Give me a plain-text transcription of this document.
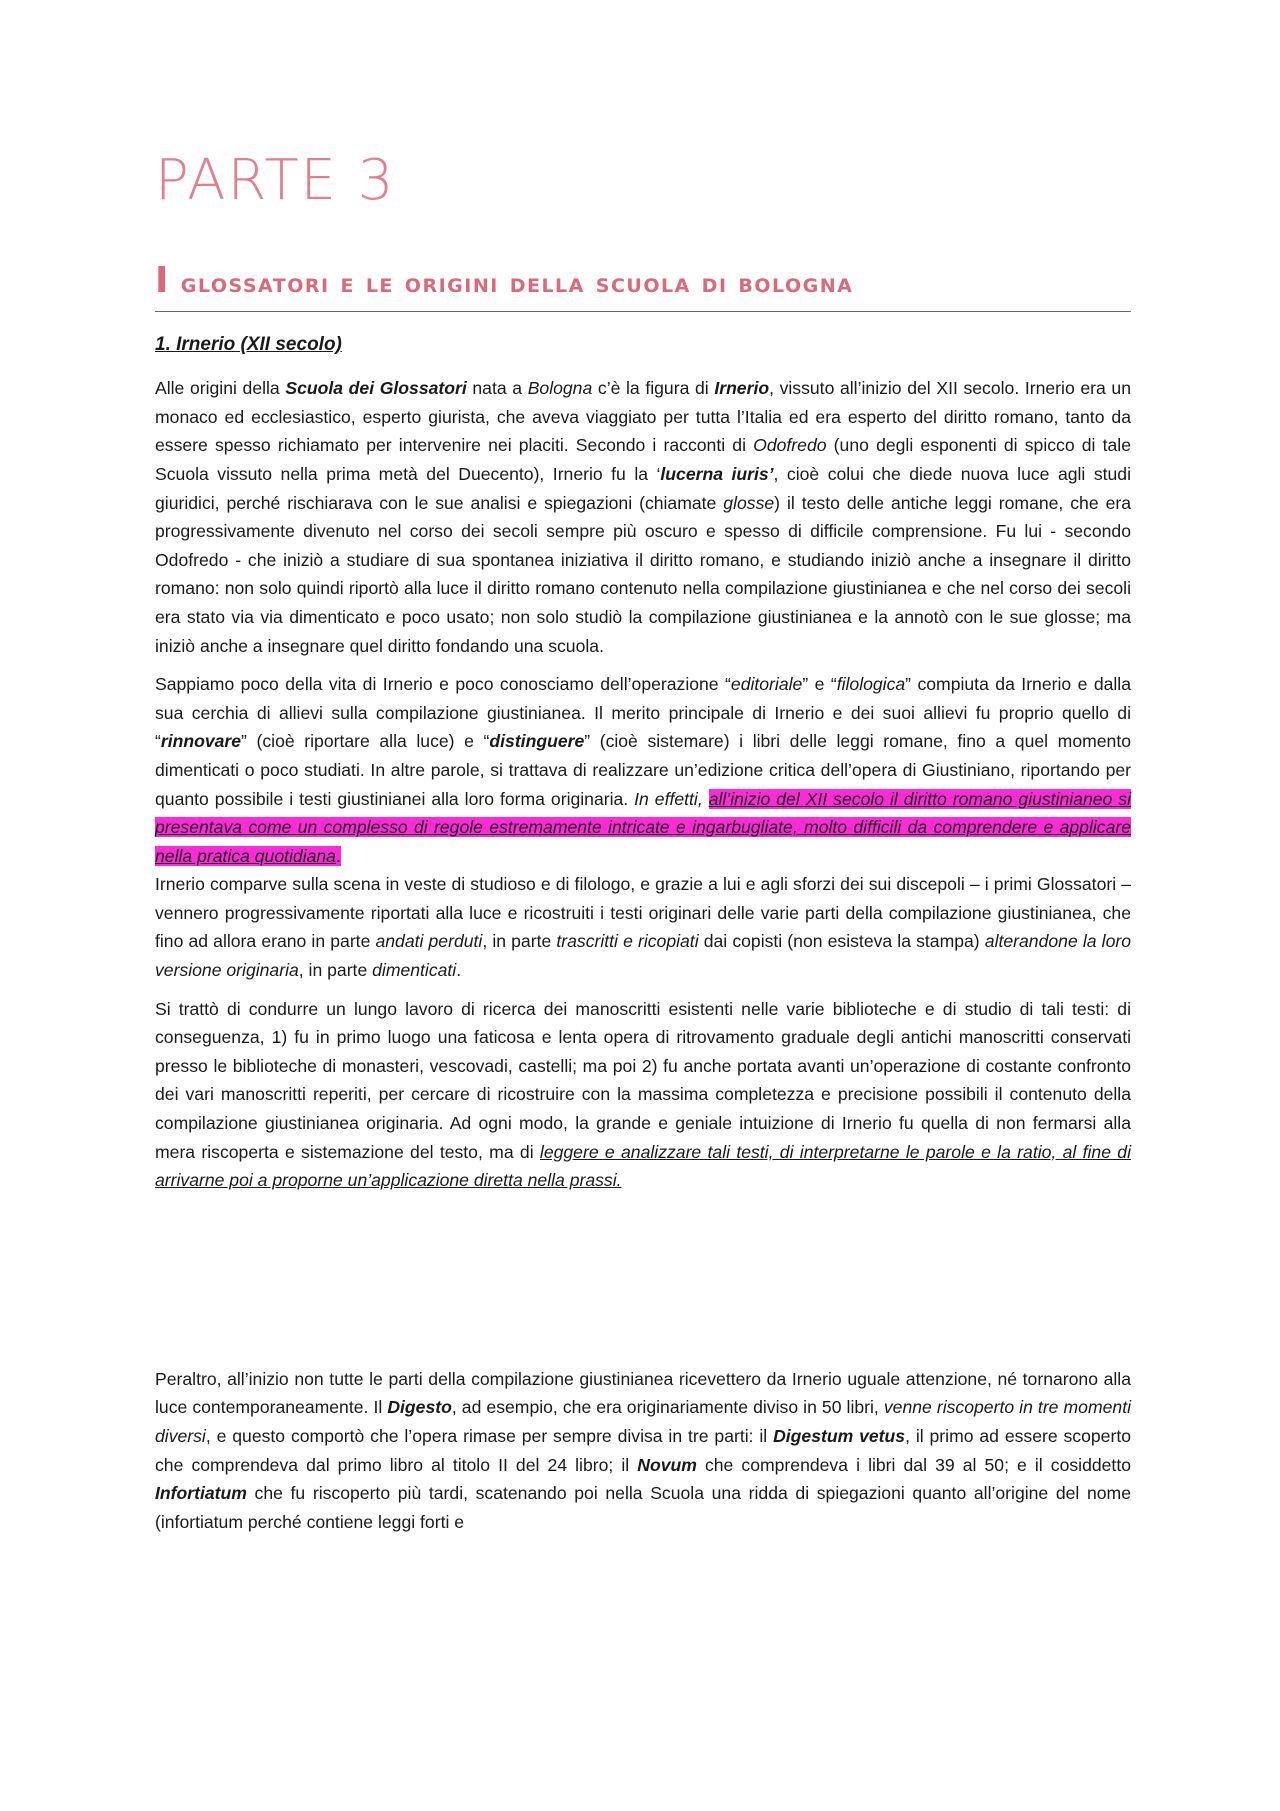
PARTE 3
I glossatori e le origini della scuola di bologna
1. Irnerio (XII secolo)

Alle origini della Scuola dei Glossatori nata a Bologna c’è la figura di Irnerio, vissuto all’inizio del XII secolo. Irnerio era un monaco ed ecclesiastico, esperto giurista, che aveva viaggiato per tutta l’Italia ed era esperto del diritto romano, tanto da essere spesso richiamato per intervenire nei placiti. Secondo i racconti di Odofredo (uno degli esponenti di spicco di tale Scuola vissuto nella prima metà del Duecento), Irnerio fu la ‘lucerna iuris’, cioè colui che diede nuova luce agli studi giuridici, perché rischiarava con le sue analisi e spiegazioni (chiamate glosse) il testo delle antiche leggi romane, che era progressivamente divenuto nel corso dei secoli sempre più oscuro e spesso di difficile comprensione. Fu lui - secondo Odofredo - che iniziò a studiare di sua spontanea iniziativa il diritto romano, e studiando iniziò anche a insegnare il diritto romano: non solo quindi riportò alla luce il diritto romano contenuto nella compilazione giustinianea e che nel corso dei secoli era stato via via dimenticato e poco usato; non solo studiò la compilazione giustinianea e la annotò con le sue glosse; ma iniziò anche a insegnare quel diritto fondando una scuola.

Sappiamo poco della vita di Irnerio e poco conosciamo dell’operazione “editoriale” e “filologica” compiuta da Irnerio e dalla sua cerchia di allievi sulla compilazione giustinianea. Il merito principale di Irnerio e dei suoi allievi fu proprio quello di “rinnovare” (cioè riportare alla luce) e “distinguere” (cioè sistemare) i libri delle leggi romane, fino a quel momento dimenticati o poco studiati. In altre parole, si trattava di realizzare un’edizione critica dell’opera di Giustiniano, riportando per quanto possibile i testi giustinianei alla loro forma originaria. In effetti, all’inizio del XII secolo il diritto romano giustinianeo si presentava come un complesso di regole estremamente intricate e ingarbugliate, molto difficili da comprendere e applicare nella pratica quotidiana.

Irnerio comparve sulla scena in veste di studioso e di filologo, e grazie a lui e agli sforzi dei sui discepoli – i primi Glossatori – vennero progressivamente riportati alla luce e ricostruiti i testi originari delle varie parti della compilazione giustinianea, che fino ad allora erano in parte andati perduti, in parte trascritti e ricopiati dai copisti (non esisteva la stampa) alterandone la loro versione originaria, in parte dimenticati.

Si trattò di condurre un lungo lavoro di ricerca dei manoscritti esistenti nelle varie biblioteche e di studio di tali testi: di conseguenza, 1) fu in primo luogo una faticosa e lenta opera di ritrovamento graduale degli antichi manoscritti conservati presso le biblioteche di monasteri, vescovadi, castelli; ma poi 2) fu anche portata avanti un’operazione di costante confronto dei vari manoscritti reperiti, per cercare di ricostruire con la massima completezza e precisione possibili il contenuto della compilazione giustinianea originaria. Ad ogni modo, la grande e geniale intuizione di Irnerio fu quella di non fermarsi alla mera riscoperta e sistemazione del testo, ma di leggere e analizzare tali testi, di interpretarne le parole e la ratio, al fine di arrivarne poi a proporne un’applicazione diretta nella prassi.

Peraltro, all’inizio non tutte le parti della compilazione giustinianea ricevettero da Irnerio uguale attenzione, né tornarono alla luce contemporaneamente. Il Digesto, ad esempio, che era originariamente diviso in 50 libri, venne riscoperto in tre momenti diversi, e questo comportò che l’opera rimase per sempre divisa in tre parti: il Digestum vetus, il primo ad essere scoperto che comprendeva dal primo libro al titolo II del 24 libro; il Novum che comprendeva i libri dal 39 al 50; e il cosiddetto Infortiatum che fu riscoperto più tardi, scatenando poi nella Scuola una ridda di spiegazioni quanto all’origine del nome (infortiatum perché contiene leggi forti e
